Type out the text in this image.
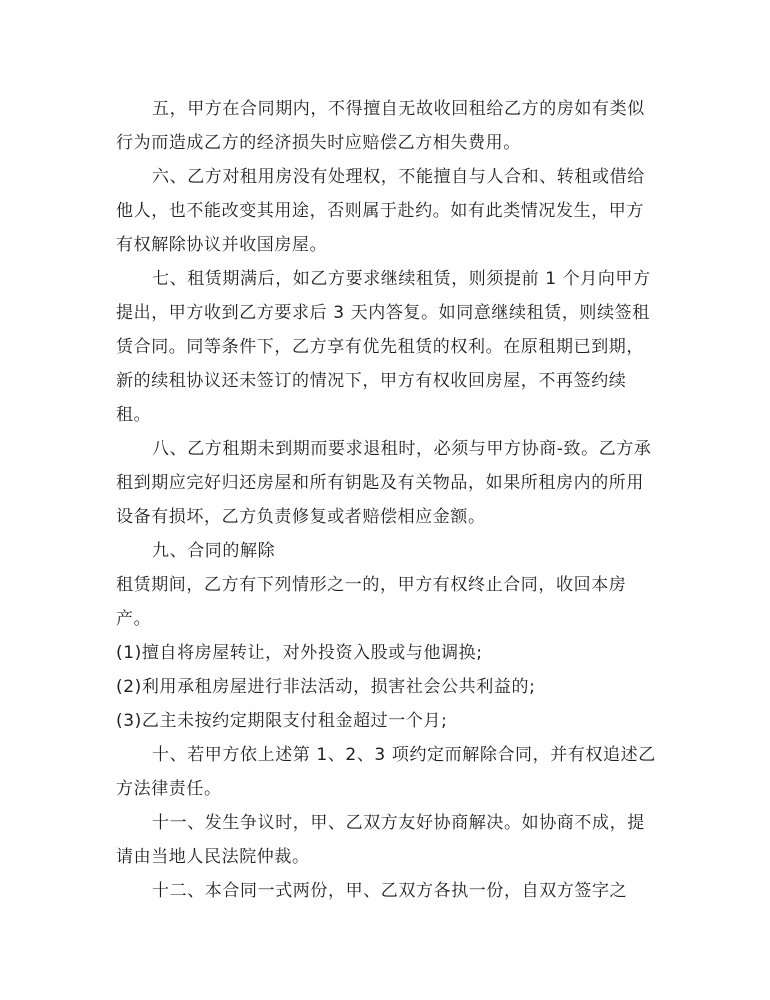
五，甲方在合同期内，不得擅自无故收回租给乙方的房如有类似行为而造成乙方的经济损失时应赔偿乙方相失费用。

六、乙方对租用房没有处理权，不能擅自与人合和、转租或借给他人，也不能改变其用途，否则属于赴约。如有此类情况发生，甲方有权解除协议并收国房屋。

七、租赁期满后，如乙方要求继续租赁，则须提前 1 个月向甲方提出，甲方收到乙方要求后 3 天内答复。如同意继续租赁，则续签租赁合同。同等条件下，乙方享有优先租赁的权利。在原租期已到期，新的续租协议还未签订的情况下，甲方有权收回房屋，不再签约续租。

八、乙方租期未到期而要求退租时，必须与甲方协商-致。乙方承租到期应完好归还房屋和所有钥匙及有关物品，如果所租房内的所用设备有损坏，乙方负责修复或者赔偿相应金额。

九、合同的解除

租赁期间，乙方有下列情形之一的，甲方有权终止合同，收回本房产。

(1)擅自将房屋转让，对外投资入股或与他调换;

(2)利用承租房屋进行非法活动，损害社会公共利益的;

(3)乙主未按约定期限支付租金超过一个月;

十、若甲方依上述第 1、2、3 项约定而解除合同，并有权追述乙方法律责任。

十一、发生争议时，甲、乙双方友好协商解决。如协商不成，提请由当地人民法院仲裁。

十二、本合同一式两份，甲、乙双方各执一份，自双方签字之
